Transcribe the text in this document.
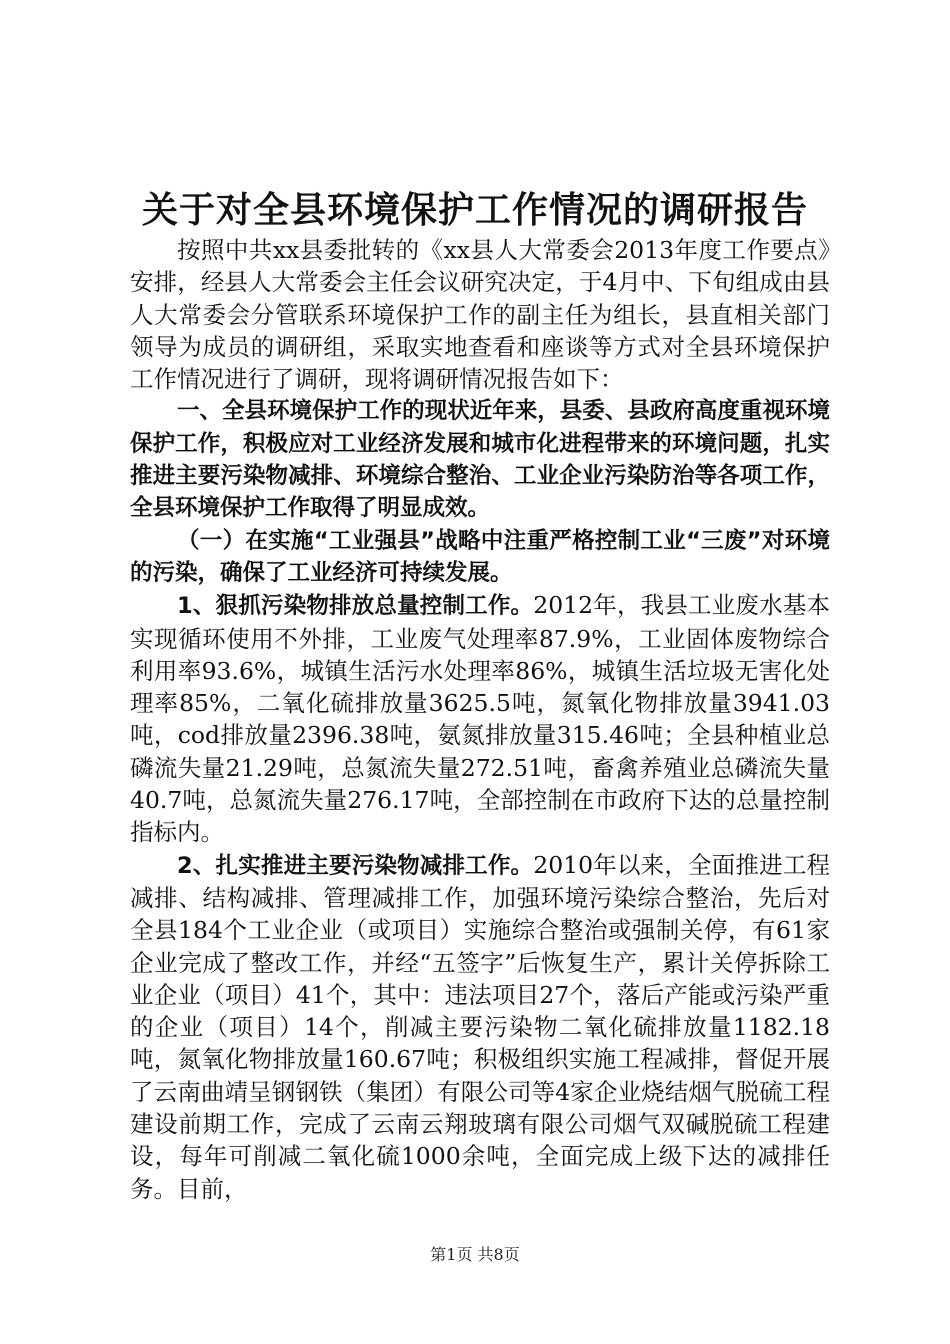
关于对全县环境保护工作情况的调研报告

按照中共xx县委批转的《xx县人大常委会2013年度工作要点》安排，经县人大常委会主任会议研究决定，于4月中、下旬组成由县人大常委会分管联系环境保护工作的副主任为组长，县直相关部门领导为成员的调研组，采取实地查看和座谈等方式对全县环境保护工作情况进行了调研，现将调研情况报告如下：

一、全县环境保护工作的现状近年来，县委、县政府高度重视环境保护工作，积极应对工业经济发展和城市化进程带来的环境问题，扎实推进主要污染物减排、环境综合整治、工业企业污染防治等各项工作，全县环境保护工作取得了明显成效。

（一）在实施“工业强县”战略中注重严格控制工业“三废”对环境的污染，确保了工业经济可持续发展。

1、狠抓污染物排放总量控制工作。2012年，我县工业废水基本实现循环使用不外排，工业废气处理率87.9%，工业固体废物综合利用率93.6%，城镇生活污水处理率86%，城镇生活垃圾无害化处理率85%，二氧化硫排放量3625.5吨，氮氧化物排放量3941.03吨，cod排放量2396.38吨，氨氮排放量315.46吨；全县种植业总磷流失量21.29吨，总氮流失量272.51吨，畜禽养殖业总磷流失量40.7吨，总氮流失量276.17吨，全部控制在市政府下达的总量控制指标内。

2、扎实推进主要污染物减排工作。2010年以来，全面推进工程减排、结构减排、管理减排工作，加强环境污染综合整治，先后对全县184个工业企业（或项目）实施综合整治或强制关停，有61家企业完成了整改工作，并经“五签字”后恢复生产，累计关停拆除工业企业（项目）41个，其中：违法项目27个，落后产能或污染严重的企业（项目）14个，削减主要污染物二氧化硫排放量1182.18吨，氮氧化物排放量160.67吨；积极组织实施工程减排，督促开展了云南曲靖呈钢钢铁（集团）有限公司等4家企业烧结烟气脱硫工程建设前期工作，完成了云南云翔玻璃有限公司烟气双碱脱硫工程建设，每年可削减二氧化硫1000余吨，全面完成上级下达的减排任务。目前，

第1页 共8页
